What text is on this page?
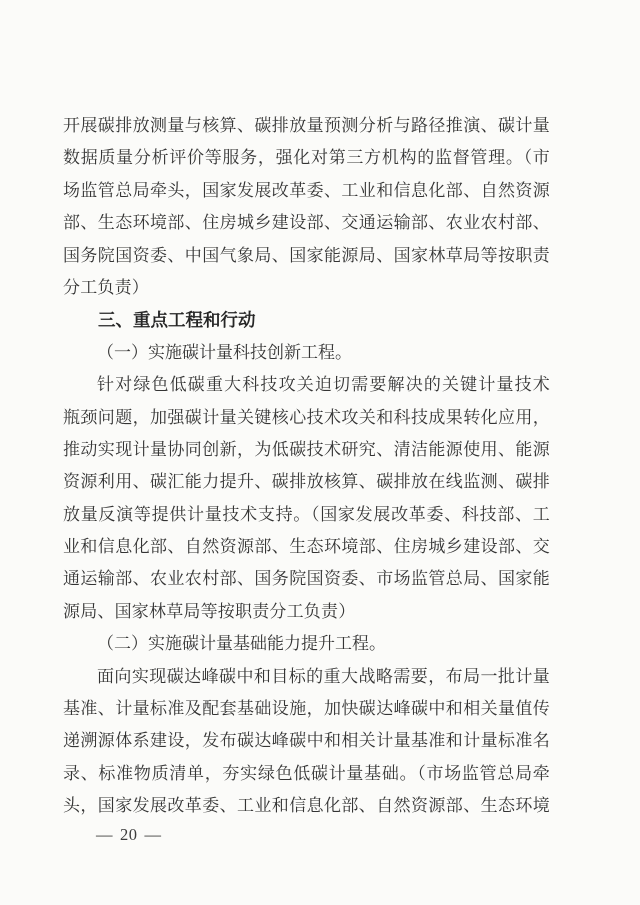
开展碳排放测量与核算、碳排放量预测分析与路径推演、碳计量
数据质量分析评价等服务，强化对第三方机构的监督管理。（市
场监管总局牵头，国家发展改革委、工业和信息化部、自然资源
部、生态环境部、住房城乡建设部、交通运输部、农业农村部、
国务院国资委、中国气象局、国家能源局、国家林草局等按职责
分工负责）
三、重点工程和行动
（一）实施碳计量科技创新工程。
针对绿色低碳重大科技攻关迫切需要解决的关键计量技术
瓶颈问题，加强碳计量关键核心技术攻关和科技成果转化应用，
推动实现计量协同创新，为低碳技术研究、清洁能源使用、能源
资源利用、碳汇能力提升、碳排放核算、碳排放在线监测、碳排
放量反演等提供计量技术支持。（国家发展改革委、科技部、工
业和信息化部、自然资源部、生态环境部、住房城乡建设部、交
通运输部、农业农村部、国务院国资委、市场监管总局、国家能
源局、国家林草局等按职责分工负责）
（二）实施碳计量基础能力提升工程。
面向实现碳达峰碳中和目标的重大战略需要，布局一批计量
基准、计量标准及配套基础设施，加快碳达峰碳中和相关量值传
递溯源体系建设，发布碳达峰碳中和相关计量基准和计量标准名
录、标准物质清单，夯实绿色低碳计量基础。（市场监管总局牵
头，国家发展改革委、工业和信息化部、自然资源部、生态环境
— 20 —
